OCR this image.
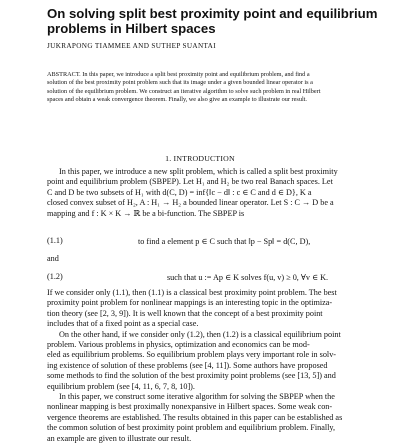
On solving split best proximity point and equilibrium
problems in Hilbert spaces
JUKRAPONG TIAMMEE AND SUTHEP SUANTAI
ABSTRACT. In this paper, we introduce a split best proximity point and equilibrium problem, and find a
solution of the best proximity point problem such that its image under a given bounded linear operator is a
solution of the equilibrium problem. We construct an iterative algorithm to solve such problem in real Hilbert
spaces and obtain a weak convergence theorem. Finally, we also give an example to illustrate our result.
1. INTRODUCTION
In this paper, we introduce a new split problem, which is called a split best proximity
point and equilibrium problem (SBPEP). Let H₁ and H₂ be two real Banach spaces. Let
C and D be two subsets of H₁ with d(C, D) = inf{‖c − d‖ : c ∈ C and d ∈ D}, K a
closed convex subset of H₂, A : H₁ → H₂ a bounded linear operator. Let S : C → D be a
mapping and f : K × K → ℝ be a bi-function. The SBPEP is
(1.1)	to find a element p ∈ C such that ‖p − Sp‖ = d(C, D),
and
(1.2)	such that u := Ap ∈ K solves f(u, v) ≥ 0, ∀v ∈ K.
If we consider only (1.1), then (1.1) is a classical best proximity point problem. The best
proximity point problem for nonlinear mappings is an interesting topic in the optimiza-
tion theory (see [2, 3, 9]). It is well known that the concept of a best proximity point
includes that of a fixed point as a special case.
On the other hand, if we consider only (1.2), then (1.2) is a classical equilibrium point
problem. Various problems in physics, optimization and economics can be mod-
eled as equilibrium problems. So equilibrium problem plays very important role in solv-
ing existence of solution of these problems (see [4, 11]). Some authors have proposed
some methods to find the solution of the best proximity point problems (see [13, 5]) and
equilibrium problem (see [4, 11, 6, 7, 8, 10]).
In this paper, we construct some iterative algorithm for solving the SBPEP when the
nonlinear mapping is best proximally nonexpansive in Hilbert spaces. Some weak con-
vergence theorems are established. The results obtained in this paper can be established as
the common solution of best proximity point problem and equilibrium problem. Finally,
an example are given to illustrate our result.
